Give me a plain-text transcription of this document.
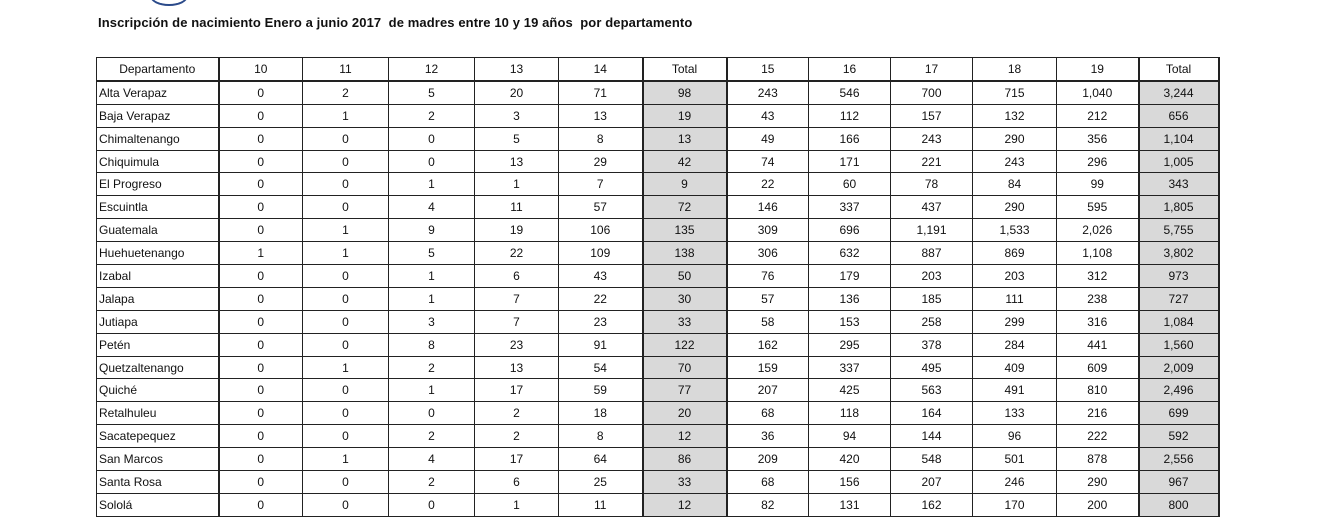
Inscripción de nacimiento Enero a junio 2017  de madres entre 10 y 19 años  por departamento
Departamento	10	11	12	13	14	Total	15	16	17	18	19	Total
Alta Verapaz	0	2	5	20	71	98	243	546	700	715	1,040	3,244
Baja Verapaz	0	1	2	3	13	19	43	112	157	132	212	656
Chimaltenango	0	0	0	5	8	13	49	166	243	290	356	1,104
Chiquimula	0	0	0	13	29	42	74	171	221	243	296	1,005
El Progreso	0	0	1	1	7	9	22	60	78	84	99	343
Escuintla	0	0	4	11	57	72	146	337	437	290	595	1,805
Guatemala	0	1	9	19	106	135	309	696	1,191	1,533	2,026	5,755
Huehuetenango	1	1	5	22	109	138	306	632	887	869	1,108	3,802
Izabal	0	0	1	6	43	50	76	179	203	203	312	973
Jalapa	0	0	1	7	22	30	57	136	185	111	238	727
Jutiapa	0	0	3	7	23	33	58	153	258	299	316	1,084
Petén	0	0	8	23	91	122	162	295	378	284	441	1,560
Quetzaltenango	0	1	2	13	54	70	159	337	495	409	609	2,009
Quiché	0	0	1	17	59	77	207	425	563	491	810	2,496
Retalhuleu	0	0	0	2	18	20	68	118	164	133	216	699
Sacatepequez	0	0	2	2	8	12	36	94	144	96	222	592
San Marcos	0	1	4	17	64	86	209	420	548	501	878	2,556
Santa Rosa	0	0	2	6	25	33	68	156	207	246	290	967
Sololá	0	0	0	1	11	12	82	131	162	170	200	800
